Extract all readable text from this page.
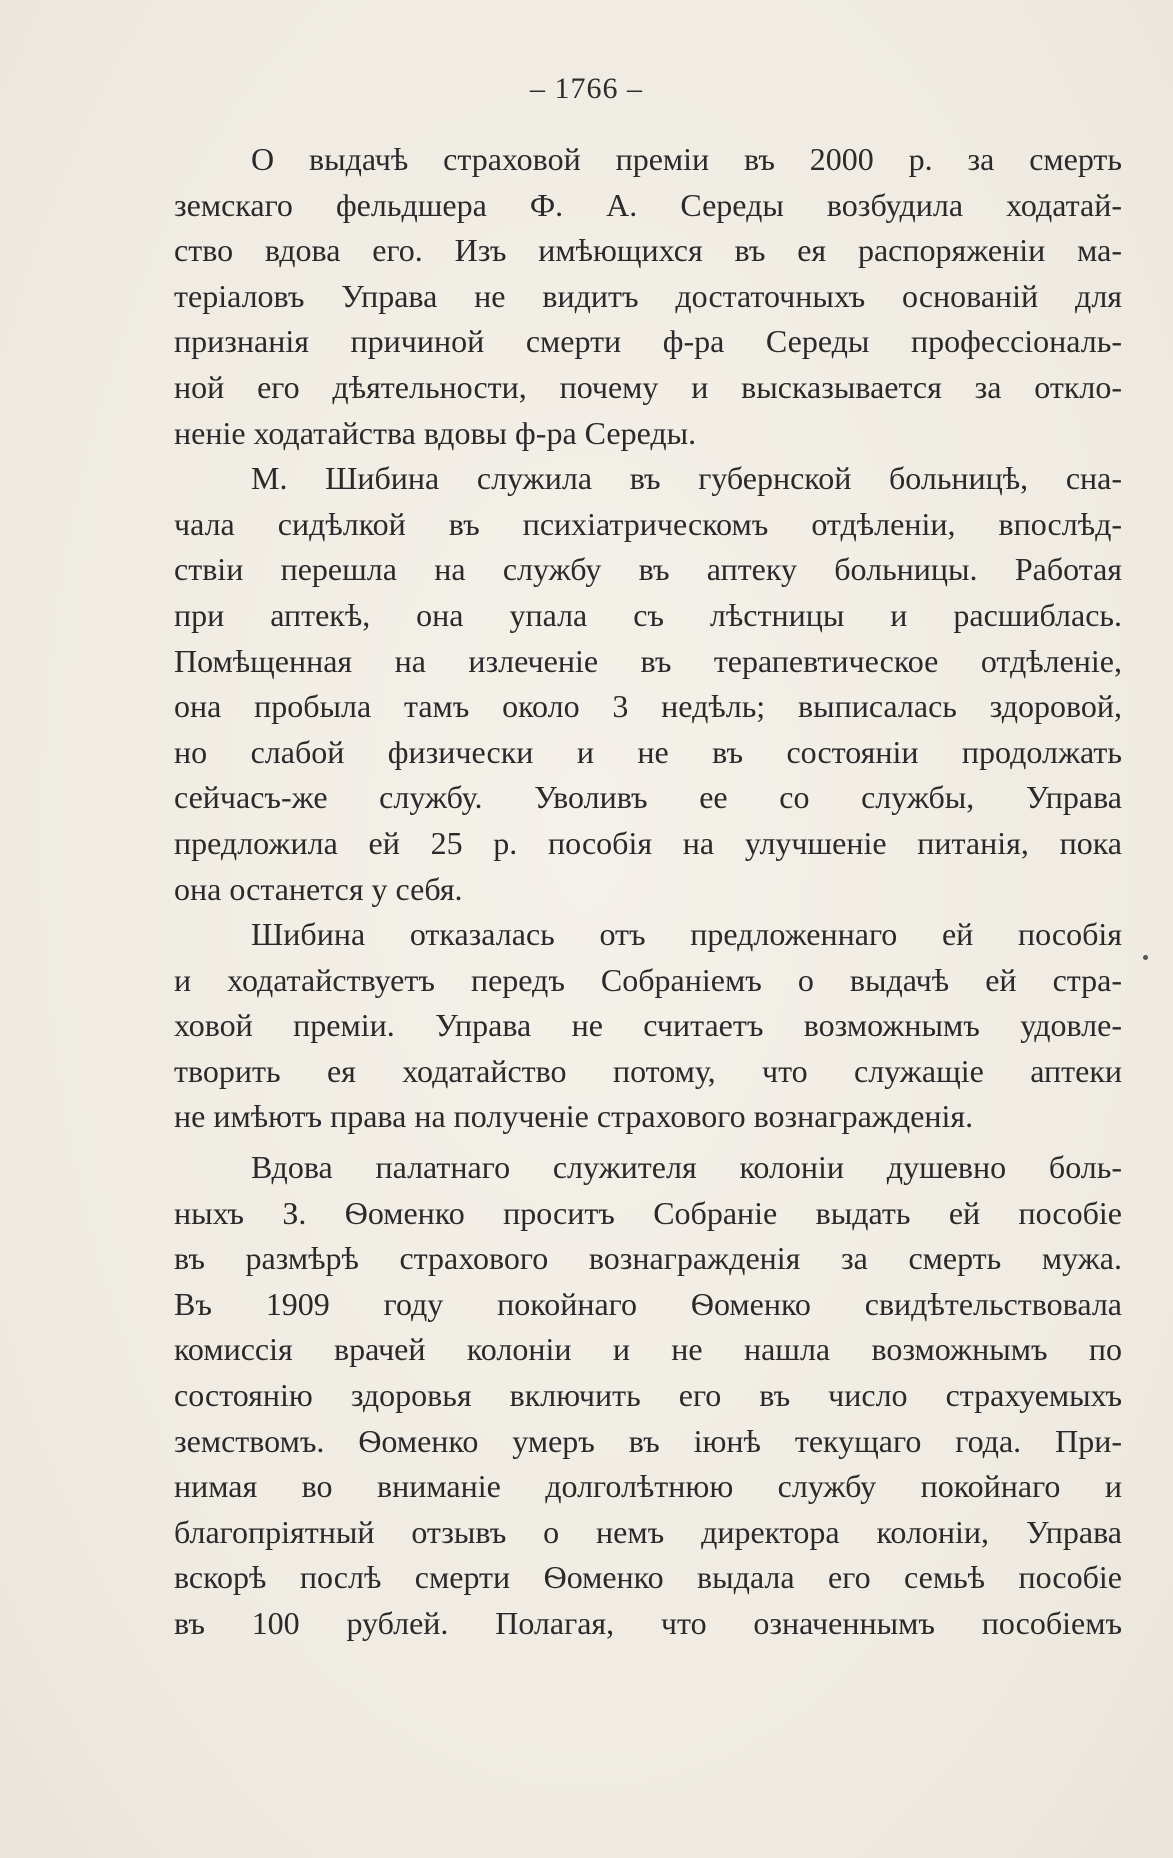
– 1766 –
О выдачѣ страховой преміи въ 2000 р. за смерть
земскаго фельдшера Ф. А. Середы возбудила ходатай-
ство вдова его. Изъ имѣющихся въ ея распоряженіи ма-
теріаловъ Управа не видитъ достаточныхъ основаній для
признанія причиной смерти ф-ра Середы профессіональ-
ной его дѣятельности, почему и высказывается за откло-
неніе ходатайства вдовы ф-ра Середы.
М. Шибина служила въ губернской больницѣ, сна-
чала сидѣлкой въ психіатрическомъ отдѣленіи, впослѣд-
ствіи перешла на службу въ аптеку больницы. Работая
при аптекѣ, она упала съ лѣстницы и расшиблась.
Помѣщенная на излеченіе въ терапевтическое отдѣленіе,
она пробыла тамъ около 3 недѣль; выписалась здоровой,
но слабой физически и не въ состояніи продолжать
сейчасъ-же службу. Уволивъ ее со службы, Управа
предложила ей 25 р. пособія на улучшеніе питанія, пока
она останется у себя.
Шибина отказалась отъ предложеннаго ей пособія
и ходатайствуетъ передъ Собраніемъ о выдачѣ ей стра-
ховой преміи. Управа не считаетъ возможнымъ удовле-
творить ея ходатайство потому, что служащіе аптеки
не имѣютъ права на полученіе страхового вознагражденія.
Вдова палатнаго служителя колоніи душевно боль-
ныхъ З. Ѳоменко проситъ Собраніе выдать ей пособіе
въ размѣрѣ страхового вознагражденія за смерть мужа.
Въ 1909 году покойнаго Ѳоменко свидѣтельствовала
комиссія врачей колоніи и не нашла возможнымъ по
состоянію здоровья включить его въ число страхуемыхъ
земствомъ. Ѳоменко умеръ въ іюнѣ текущаго года. При-
нимая во вниманіе долголѣтнюю службу покойнаго и
благопріятный отзывъ о немъ директора колоніи, Управа
вскорѣ послѣ смерти Ѳоменко выдала его семьѣ пособіе
въ 100 рублей. Полагая, что означеннымъ пособіемъ
